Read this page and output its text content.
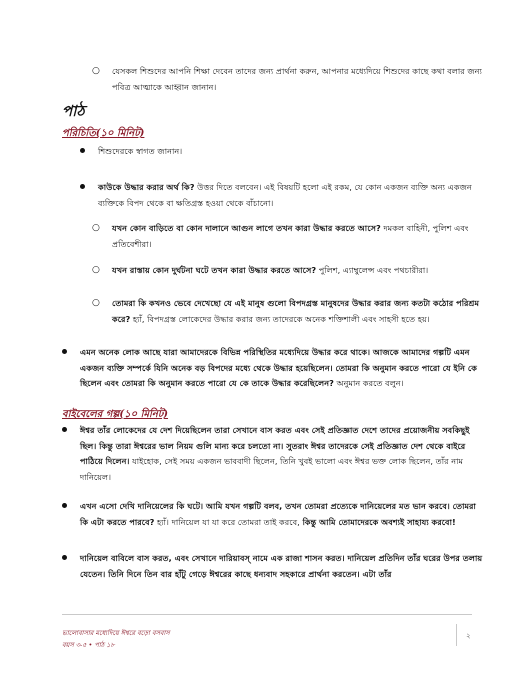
○ যেসকল শিশুদের আপনি শিক্ষা দেবেন তাদের জন্য প্রার্থনা করুন, আপনার মধ্যেদিয়ে শিশুদের কাছে কথা বলার জন্য পবিত্র আত্মাকে আহ্বান জানান।
পাঠ
পরিচিতি(১০ মিনিট)
শিশুদেরকে স্বাগত জানান।
কাউকে উদ্ধার করার অর্থ কি? উত্তর দিতে বলবেন। এই বিষয়টি হলো এই রকম, যে কোন একজন ব্যক্তি অন্য একজন ব্যক্তিকে বিপদ থেকে বা ক্ষতিগ্রস্ত হওয়া থেকে বাঁচানো।
○ যখন কোন বাড়িতে বা কোন দালানে আগুন লাগে তখন কারা উদ্ধার করতে আসে? দমকল বাহিনী, পুলিশ এবং প্রতিবেশীরা।
○ যখন রাস্তায় কোন দুর্ঘটনা ঘটে তখন কারা উদ্ধার করতে আসে? পুলিশ, এ্যাম্বুলেন্স এবং পথচারীরা।
○ তোমরা কি কখনও ভেবে দেখেছো যে এই মানুষ গুলো বিপদগ্রস্ত মানুষদের উদ্ধার করার জন্য কতটা কঠোর পরিশ্রম করে? হ্যাঁ, বিপদগ্রস্ত লোকেদের উদ্ধার করার জন্য তাদেরকে অনেক শক্তিশালী এবং সাহসী হতে হয়।
এমন অনেক লোক আছে যারা আমাদেরকে বিভিন্ন পরিস্থিতির মধ্যেদিয়ে উদ্ধার করে থাকে। আজকে আমাদের গল্পটি এমন একজন ব্যক্তি সম্পর্কে যিনি অনেক বড় বিপদের মধ্যে থেকে উদ্ধার হয়েছিলেন। তোমরা কি অনুমান করতে পারো যে ইনি কে ছিলেন এবং তোমরা কি অনুমান করতে পারো যে কে তাকে উদ্ধার করেছিলেন? অনুমান করতে বলুন।
বাইবেলের গল্প(১০ মিনিট)
ঈশ্বর তাঁর লোকেদের যে দেশ দিয়েছিলেন তারা সেখানে বাস করত এবং সেই প্রতিজ্ঞাত দেশে তাদের প্রয়োজনীয় সবকিছুই ছিল। কিন্তু তারা ঈশ্বরের ভাল নিয়ম গুলি মান্য করে চলতো না। সুতরাং ঈশ্বর তাদেরকে সেই প্রতিজ্ঞাত দেশ থেকে বাইরে পাঠিয়ে দিলেন। যাইহোক, সেই সময় একজন ভাববাদী ছিলেন, তিনি খুবই ভালো এবং ঈশ্বর ভক্ত লোক ছিলেন, তাঁর নাম দানিয়েল।
এখন এসো দেখি দানিয়েলের কি ঘটে। আমি যখন গল্পটি বলব, তখন তোমরা প্রত্যেকে দানিয়েলের মত ভান করবে। তোমরা কি এটা করতে পারবে? হ্যাঁ। দানিয়েল যা যা করে তোমরা তাই করবে, কিন্তু আমি তোমাদেরকে অবশ্যই সাহায্য করবো!
দানিয়েল বাবিলে বাস করত, এবং সেখানে দারিয়াবস্ নামে এক রাজা শাসন করত। দানিয়েল প্রতিদিন তাঁর ঘরের উপর তলায় যেতেন। তিনি দিনে তিন বার হাঁটু গেড়ে ঈশ্বরের কাছে ধন্যবাদ সহকারে প্রার্থনা করতেন। এটা তাঁর
ভালোবাসার মধ্যেদিয়ে ঈশ্বরে বড়ো বসবাস
বয়স ৩-৫ • পাঠ ১৮
২
